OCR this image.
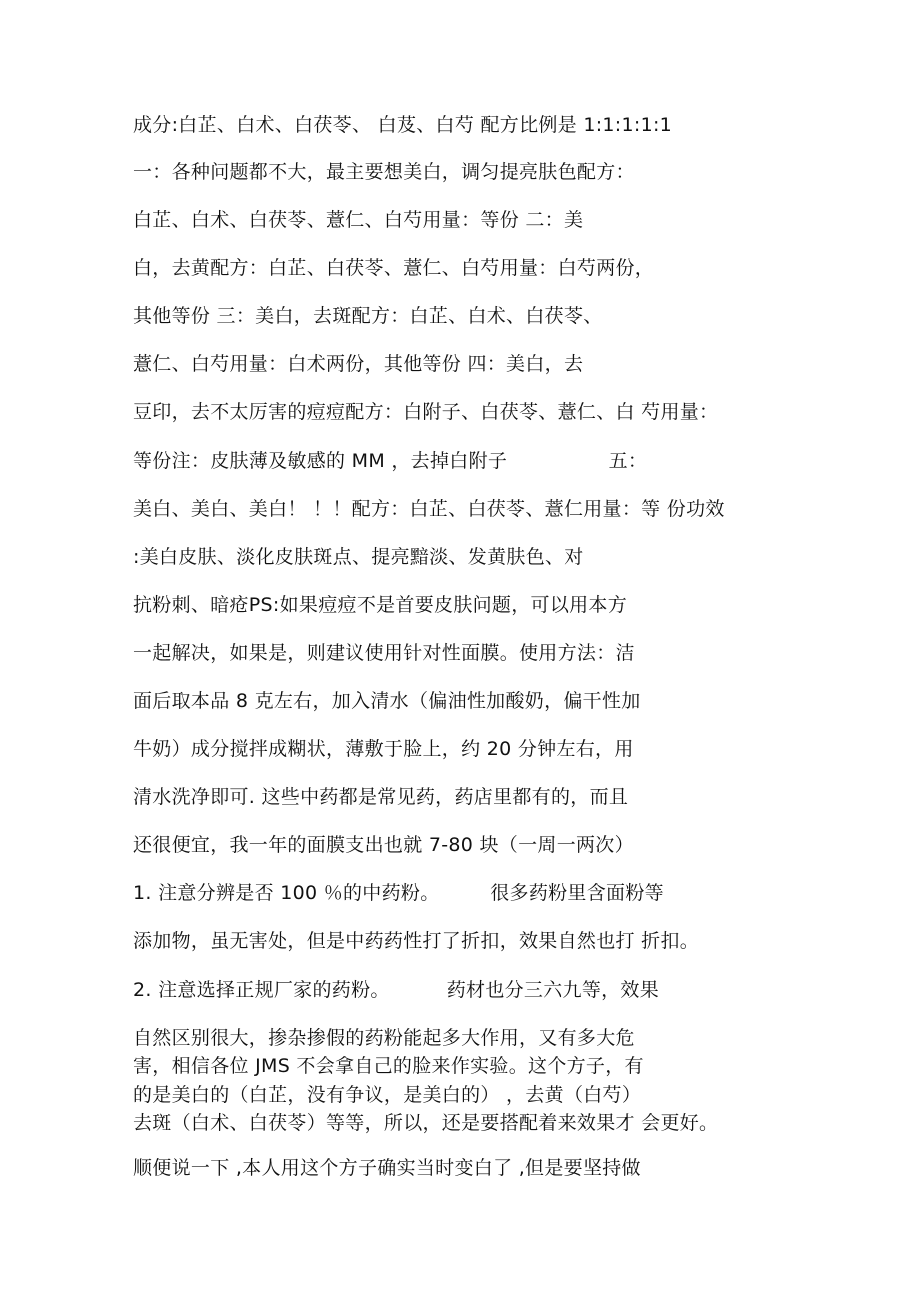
成分:白芷、白术、白茯苓、 白芨、白芍 配方比例是 1:1:1:1:1
一：各种问题都不大，最主要想美白，调匀提亮肤色配方：
白芷、白术、白茯苓、薏仁、白芍用量：等份 二：美
白，去黄配方：白芷、白茯苓、薏仁、白芍用量：白芍两份，
其他等份 三：美白，去斑配方：白芷、白术、白茯苓、
薏仁、白芍用量：白术两份，其他等份 四：美白，去
豆印，去不太厉害的痘痘配方：白附子、白茯苓、薏仁、白 芍用量：
等份注：皮肤薄及敏感的 MM ，去掉白附子                五：
美白、美白、美白！ ！！配方：白芷、白茯苓、薏仁用量：等 份功效
:美白皮肤、淡化皮肤斑点、提亮黯淡、发黄肤色、对
抗粉刺、暗疮PS:如果痘痘不是首要皮肤问题，可以用本方
一起解决，如果是，则建议使用针对性面膜。使用方法：洁
面后取本品 8 克左右，加入清水（偏油性加酸奶，偏干性加
牛奶）成分搅拌成糊状，薄敷于脸上，约 20 分钟左右，用
清水洗净即可. 这些中药都是常见药，药店里都有的，而且
还很便宜，我一年的面膜支出也就 7-80 块（一周一两次）
1. 注意分辨是否 100 ％的中药粉。        很多药粉里含面粉等
添加物，虽无害处，但是中药药性打了折扣，效果自然也打 折扣。
2. 注意选择正规厂家的药粉。         药材也分三六九等，效果
自然区别很大，掺杂掺假的药粉能起多大作用，又有多大危
害，相信各位 JMS 不会拿自己的脸来作实验。这个方子，有
的是美白的（白芷，没有争议，是美白的） ，去黄（白芍）
去斑（白术、白茯苓）等等，所以，还是要搭配着来效果才 会更好。
顺便说一下 ,本人用这个方子确实当时变白了 ,但是要坚持做
